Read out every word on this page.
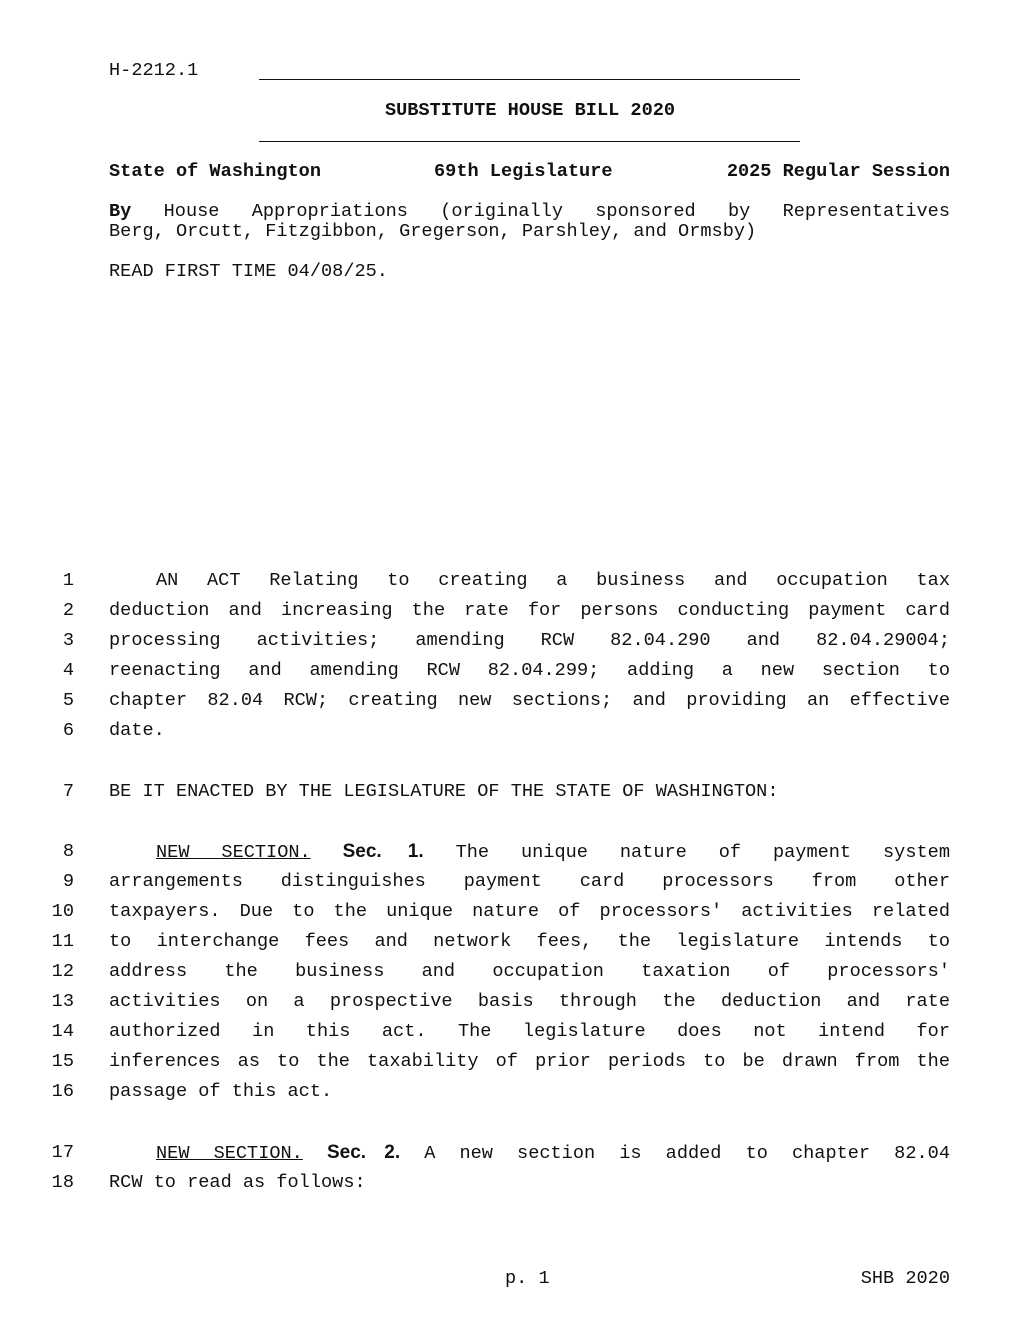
H-2212.1
SUBSTITUTE HOUSE BILL 2020
State of Washington	69th Legislature	2025 Regular Session
By House Appropriations (originally sponsored by Representatives
Berg, Orcutt, Fitzgibbon, Gregerson, Parshley, and Ormsby)
READ FIRST TIME 04/08/25.
1	AN ACT Relating to creating a business and occupation tax
2 deduction and increasing the rate for persons conducting payment card
3 processing activities; amending RCW 82.04.290 and 82.04.29004;
4 reenacting and amending RCW 82.04.299; adding a new section to
5 chapter 82.04 RCW; creating new sections; and providing an effective
6 date.
7 BE IT ENACTED BY THE LEGISLATURE OF THE STATE OF WASHINGTON:
8	NEW SECTION. Sec. 1. The unique nature of payment system
9 arrangements distinguishes payment card processors from other
10 taxpayers. Due to the unique nature of processors' activities related
11 to interchange fees and network fees, the legislature intends to
12 address the business and occupation taxation of processors'
13 activities on a prospective basis through the deduction and rate
14 authorized in this act. The legislature does not intend for
15 inferences as to the taxability of prior periods to be drawn from the
16 passage of this act.
17	NEW SECTION. Sec. 2. A new section is added to chapter 82.04
18 RCW to read as follows:
p. 1	SHB 2020
